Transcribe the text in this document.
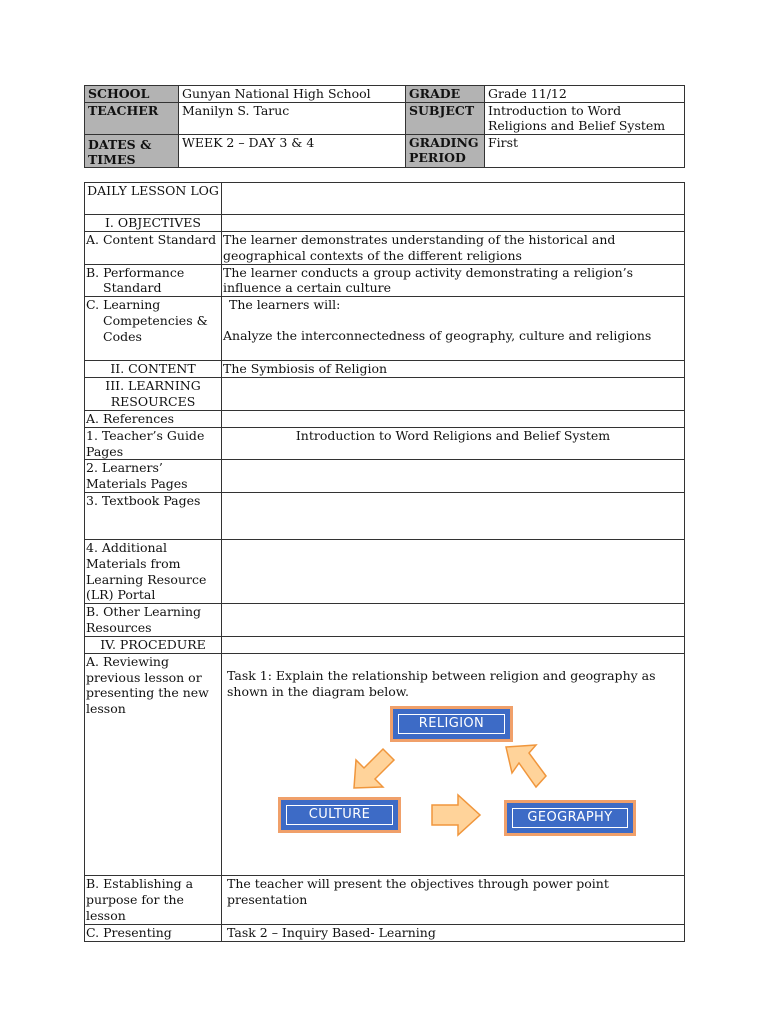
SCHOOL	Gunyan National High School	GRADE	Grade 11/12
TEACHER	Manilyn S. Taruc	SUBJECT	Introduction to Word Religions and Belief System
DATES & TIMES	WEEK 2 – DAY 3 & 4	GRADING PERIOD	First
DAILY LESSON LOG	
I. OBJECTIVES	
A. Content Standard	The learner demonstrates understanding of the historical and geographical contexts of the different religions
B. Performance Standard	The learner conducts a group activity demonstrating a religion’s influence a certain culture
C. Learning Competencies & Codes	The learners will:
Analyze the interconnectedness of geography, culture and religions

II. CONTENT	The Symbiosis of Religion
III. LEARNING RESOURCES	
A. References	
1. Teacher’s Guide Pages	Introduction to Word Religions and Belief System
2. Learners’ Materials Pages	
3. Textbook Pages	
4. Additional Materials from Learning Resource (LR) Portal	
B. Other Learning Resources	
IV. PROCEDURE	
A. Reviewing previous lesson or presenting the new lesson	Task 1: Explain the relationship between religion and geography as shown in the diagram below.
RELIGION
CULTURE GEOGRAPHY

B. Establishing a purpose for the lesson	The teacher will present the objectives through power point presentation
C. Presenting	Task 2 – Inquiry Based- Learning
